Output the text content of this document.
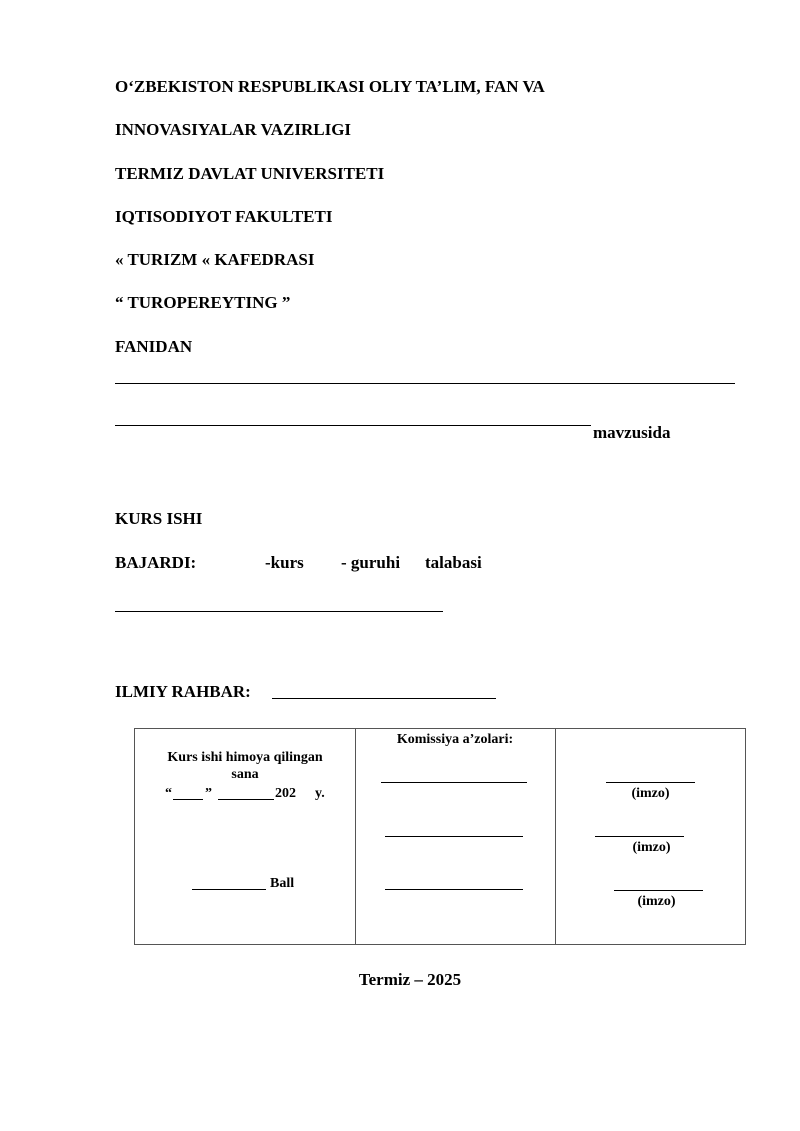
O‘ZBEKISTON RESPUBLIKASI OLIY TA’LIM, FAN VA
INNOVASIYALAR VAZIRLIGI
TERMIZ DAVLAT UNIVERSITETI
IQTISODIYOT FAKULTETI
« TURIZM « KAFEDRASI
“ TUROPEREYTING ”
FANIDAN
mavzusida
KURS ISHI
BAJARDI:	-kurs - guruhi talabasi
ILMIY RAHBAR:
Kurs ishi himoya qilingan
sana
“ ”	202 y.
Ball
Komissiya a’zolari:
(imzo)
(imzo)
(imzo)
Termiz – 2025
